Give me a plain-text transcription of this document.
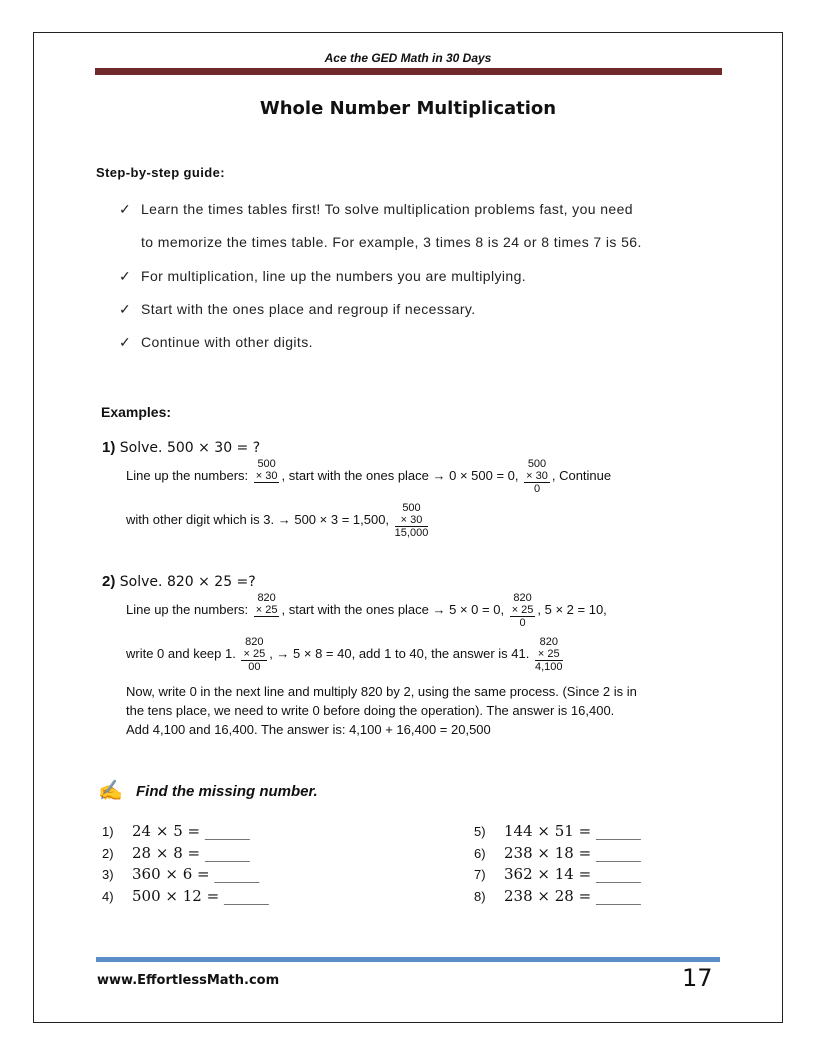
Ace the GED Math in 30 Days
Whole Number Multiplication
Step-by-step guide:
✓ Learn the times tables first! To solve multiplication problems fast, you need
to memorize the times table. For example, 3 times 8 is 24 or 8 times 7 is 56.
✓ For multiplication, line up the numbers you are multiplying.
✓ Start with the ones place and regroup if necessary.
✓ Continue with other digits.
Examples:
1) Solve. 500 × 30 = ?
Line up the numbers:
500
× 30
, start with the ones place → 0 × 500 = 0,
500
× 30
0
, Continue
with other digit which is 3. → 500 × 3 = 1,500,
500
× 30
15,000
2) Solve. 820 × 25 =?
Line up the numbers:
820
× 25
, start with the ones place → 5 × 0 = 0,
820
× 25
0
, 5 × 2 = 10,
write 0 and keep 1.
820
× 25
00
, → 5 × 8 = 40, add 1 to 40, the answer is 41.
820
× 25
4,100
Now, write 0 in the next line and multiply 820 by 2, using the same process. (Since 2 is in
the tens place, we need to write 0 before doing the operation). The answer is 16,400.
Add 4,100 and 16,400. The answer is: 4,100 + 16,400 = 20,500
✍ Find the missing number.
1) 24 × 5 = ______
2) 28 × 8 = ______
3) 360 × 6 = ______
4) 500 × 12 = ______
5) 144 × 51 = ______
6) 238 × 18 = ______
7) 362 × 14 = ______
8) 238 × 28 = ______
www.EffortlessMath.com	17
